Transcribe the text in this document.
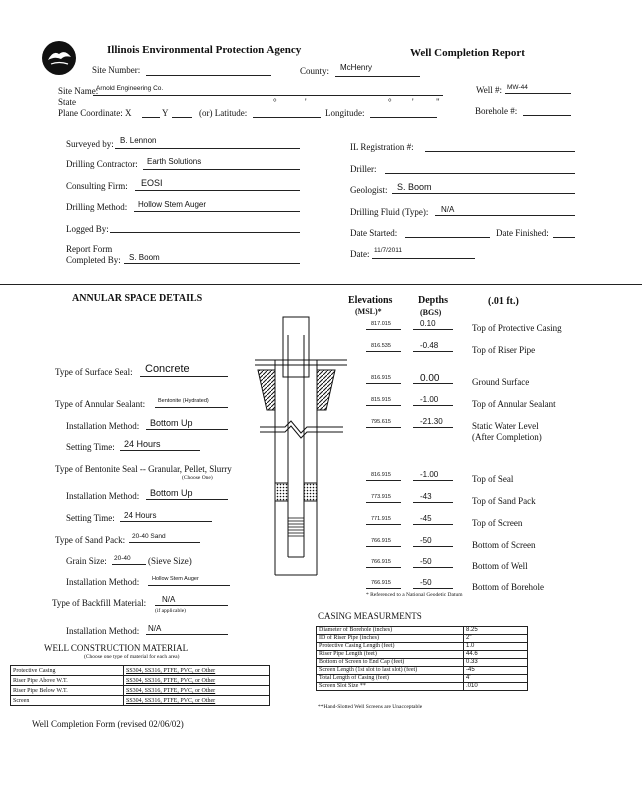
Illinois Environmental Protection Agency	Well Completion Report
Site Number:	County: McHenry
Site Name:
Arnold Engineering Co.	Well #: MW-44
State
Plane Coordinate: X	Y	(or) Latitude:
°	'
Longitude:
° ' "
Borehole #:
Surveyed by: B. Lennon
IL Registration #:
Drilling Contractor: Earth Solutions
Driller:
Consulting Firm: EOSI
Geologist: S. Boom
Drilling Method: Hollow Stem Auger
Drilling Fluid (Type): N/A
Logged By:	Date Started:	Date Finished:
Report Form
Completed By: S. Boom	Date: 11/7/2011
ANNULAR SPACE DETAILS	Elevations
(MSL)*
Depths
(BGS)
(.01 ft.)
817.015	0.10	Top of Protective Casing
816.535	-0.48	Top of Riser Pipe
816.915	0.00	Ground Surface
815.915	-1.00	Top of Annular Sealant
795.615	-21.30	Static Water Level
(After Completion)
816.915	-1.00	Top of Seal
773.915	-43	Top of Sand Pack
771.915	-45	Top of Screen
766.915	-50	Bottom of Screen
766.915	-50	Bottom of Well
766.915	-50	Bottom of Borehole
* Referenced to a National Geodetic Datum
Type of Surface Seal: Concrete
Type of Annular Sealant: Bentonite (Hydrated)
Installation Method: Bottom Up
Setting Time: 24 Hours
Type of Bentonite Seal -- Granular, Pellet, Slurry
(Choose One)
Installation Method: Bottom Up
Setting Time: 24 Hours
Type of Sand Pack: 20-40 Sand
Grain Size: 20-40 (Sieve Size)
Installation Method: Hollow Stem Auger
Type of Backfill Material: N/A
(if applicable)
Installation Method: N/A
WELL CONSTRUCTION MATERIAL
(Choose one type of material for each area)
Protective Casing	SS304, SS316, PTFE, PVC, or Other
Riser Pipe Above W.T.	SS304, SS316, PTFE, PVC, or Other
Riser Pipe Below W.T.	SS304, SS316, PTFE, PVC, or Other
Screen	SS304, SS316, PTFE, PVC, or Other
CASING MEASURMENTS
Diameter of Borehole (inches)	8.25
ID of Riser Pipe (inches)	2"
Protective Casing Length (feet)	1.0
Riser Pipe Length (feet)	44.6
Bottom of Screen to End Cap (feet)	0.33
Screen Length (1st slot to last slot) (feet)	-45
Total Length of Casing (feet)	4'
Screen Slot Size **	.010
**Hand-Slotted Well Screens are Unacceptable
Well Completion Form (revised 02/06/02)
